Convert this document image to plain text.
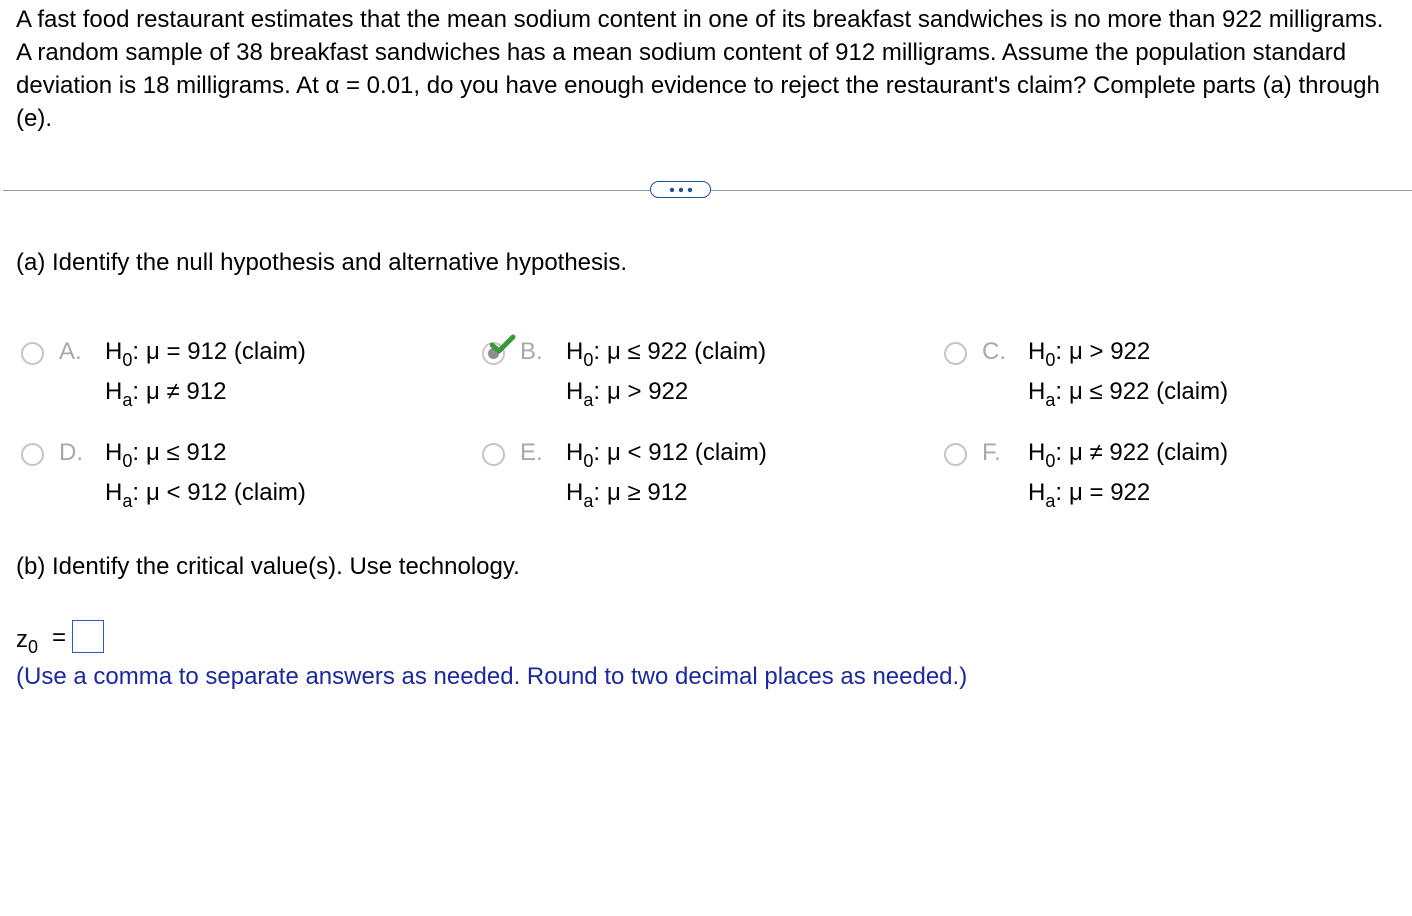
A fast food restaurant estimates that the mean sodium content in one of its breakfast sandwiches is no more than 922 milligrams. A random sample of 38 breakfast sandwiches has a mean sodium content of 912 milligrams. Assume the population standard deviation is 18 milligrams. At α = 0.01, do you have enough evidence to reject the restaurant's claim? Complete parts (a) through (e).
(a) Identify the null hypothesis and alternative hypothesis.
A. $H_0$: μ = 912 (claim)
$H_a$: μ ≠ 912
B. $H_0$: μ ≤ 922 (claim)
$H_a$: μ > 922
C. $H_0$: μ > 922
$H_a$: μ ≤ 922 (claim)
D. $H_0$: μ ≤ 912
$H_a$: μ < 912 (claim)
E. $H_0$: μ < 912 (claim)
$H_a$: μ ≥ 912
F. $H_0$: μ ≠ 922 (claim)
$H_a$: μ = 922
(b) Identify the critical value(s). Use technology.
$z_0$ =
(Use a comma to separate answers as needed. Round to two decimal places as needed.)
